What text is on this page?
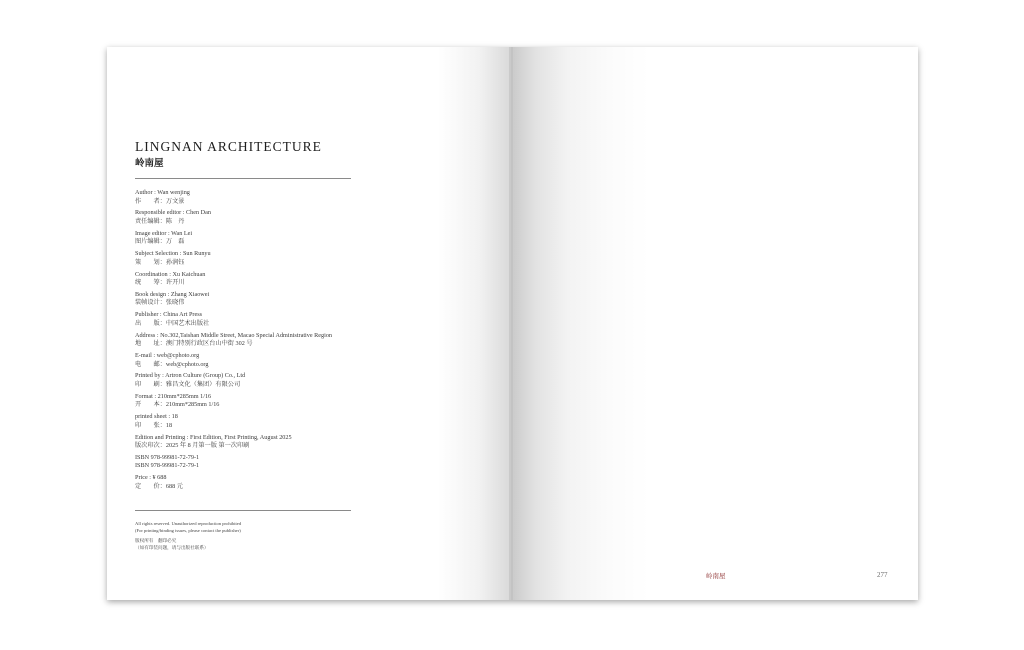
LINGNAN ARCHITECTURE
岭南屋
Author : Wan wenjing
作　　者：万文景
Responsible editor : Chen Dan
责任编辑：陈　丹
Image editor : Wan Lei
图片编辑：万　磊
Subject Selection : Sun Runyu
策　　划：孙润钰
Coordination : Xu Kaichuan
统　　筹：许开川
Book design : Zhang Xiaowei
装帧设计：张晓伟
Publisher : China Art Press
出　　版：中国艺术出版社
Address : No.302,Taishan Middle Street, Macao Special Administrative Region
地　　址：澳门特别行政区台山中街 302 号
E-mail : web@cphoto.org
电　　邮：web@cphoto.org
Printed by : Artron Culture (Group) Co., Ltd
印　　刷：雅昌文化（集团）有限公司
Format : 210mm*285mm 1/16
开　　本：210mm*285mm 1/16
printed sheet : 18
印　　张：18
Edition and Printing : First Edition, First Printing, August 2025
版次印次：2025 年 8 月第一版 第一次印刷
ISBN 978-99981-72-79-1
ISBN 978-99981-72-79-1
Price : ¥ 688
定　　价：688 元
All rights reserved. Unauthorized reproduction prohibited
(For printing/binding issues, please contact the publisher)
版权所有　翻印必究
（如有印装问题，请与出版社联系）
岭南屋	277
